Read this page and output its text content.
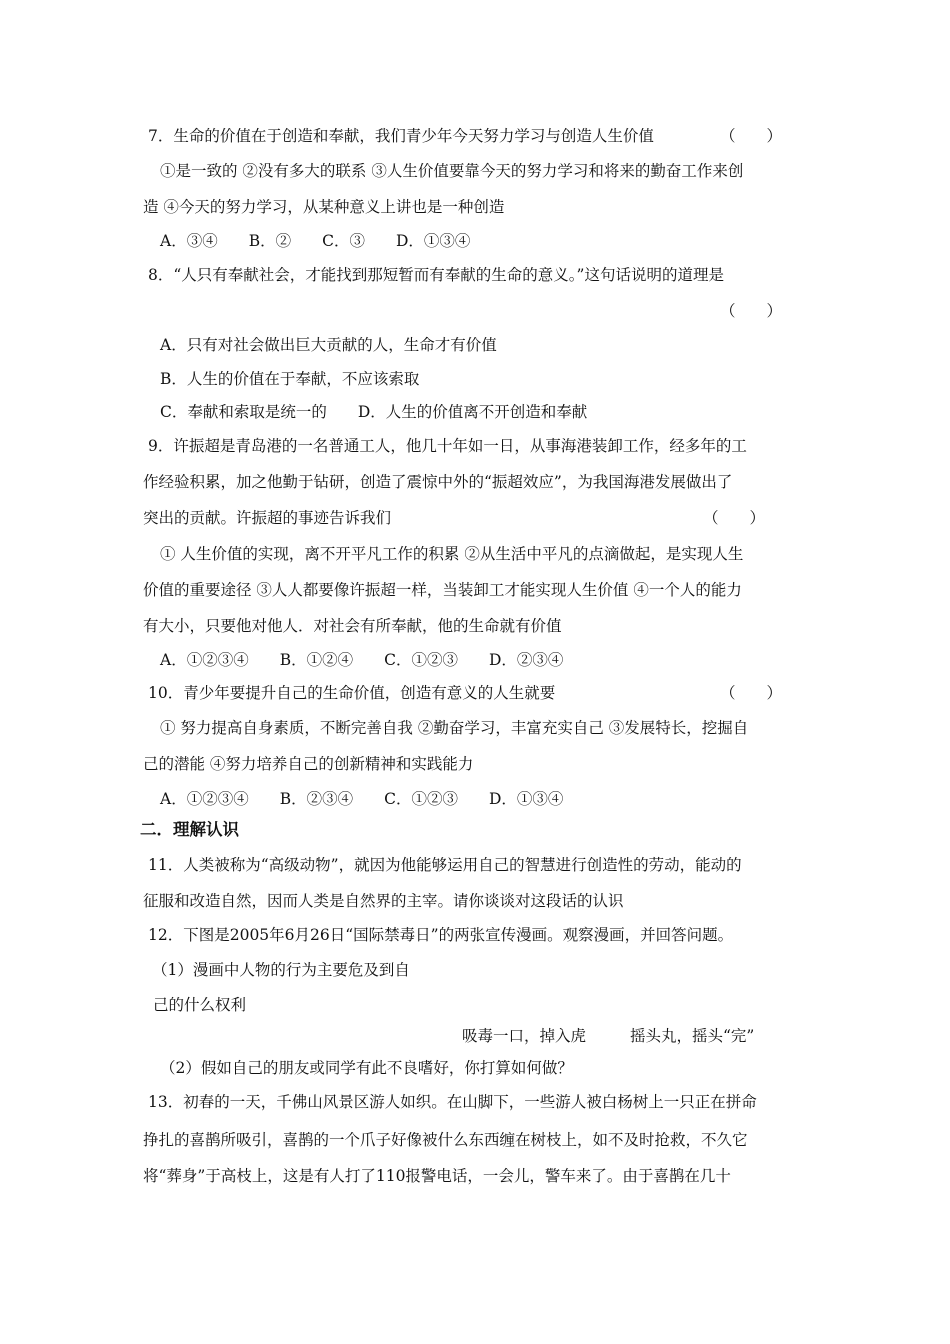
7．生命的价值在于创造和奉献，我们青少年今天努力学习与创造人生价值	（　　）
①是一致的 ②没有多大的联系 ③人生价值要靠今天的努力学习和将来的勤奋工作来创
造 ④今天的努力学习，从某种意义上讲也是一种创造
A．③④　　B．②　　C．③　　D．①③④
8．“人只有奉献社会，才能找到那短暂而有奉献的生命的意义。”这句话说明的道理是
（　　）
A．只有对社会做出巨大贡献的人，生命才有价值
B．人生的价值在于奉献，不应该索取
C．奉献和索取是统一的　　D．人生的价值离不开创造和奉献
9．许振超是青岛港的一名普通工人，他几十年如一日，从事海港装卸工作，经多年的工
作经验积累，加之他勤于钻研，创造了震惊中外的“振超效应”，为我国海港发展做出了
突出的贡献。许振超的事迹告诉我们	（　　）
① 人生价值的实现，离不开平凡工作的积累 ②从生活中平凡的点滴做起，是实现人生
价值的重要途径 ③人人都要像许振超一样，当装卸工才能实现人生价值 ④一个人的能力
有大小，只要他对他人．对社会有所奉献，他的生命就有价值
A．①②③④　　B．①②④　　C．①②③　　D．②③④
10．青少年要提升自己的生命价值，创造有意义的人生就要	（　　）
① 努力提高自身素质，不断完善自我 ②勤奋学习，丰富充实自己 ③发展特长，挖掘自
己的潜能 ④努力培养自己的创新精神和实践能力
A．①②③④　　B．②③④　　C．①②③　　D．①③④
二．理解认识
11．人类被称为“高级动物”，就因为他能够运用自己的智慧进行创造性的劳动，能动的
征服和改造自然，因而人类是自然界的主宰。请你谈谈对这段话的认识
12．下图是2005年6月26日“国际禁毒日”的两张宣传漫画。观察漫画，并回答问题。
（1）漫画中人物的行为主要危及到自
己的什么权利
吸毒一口，掉入虎	摇头丸，摇头“完”
（2）假如自己的朋友或同学有此不良嗜好，你打算如何做？
13．初春的一天，千佛山风景区游人如织。在山脚下，一些游人被白杨树上一只正在拼命
挣扎的喜鹊所吸引，喜鹊的一个爪子好像被什么东西缠在树枝上，如不及时抢救，不久它
将“葬身”于高枝上，这是有人打了110报警电话，一会儿，警车来了。由于喜鹊在几十
